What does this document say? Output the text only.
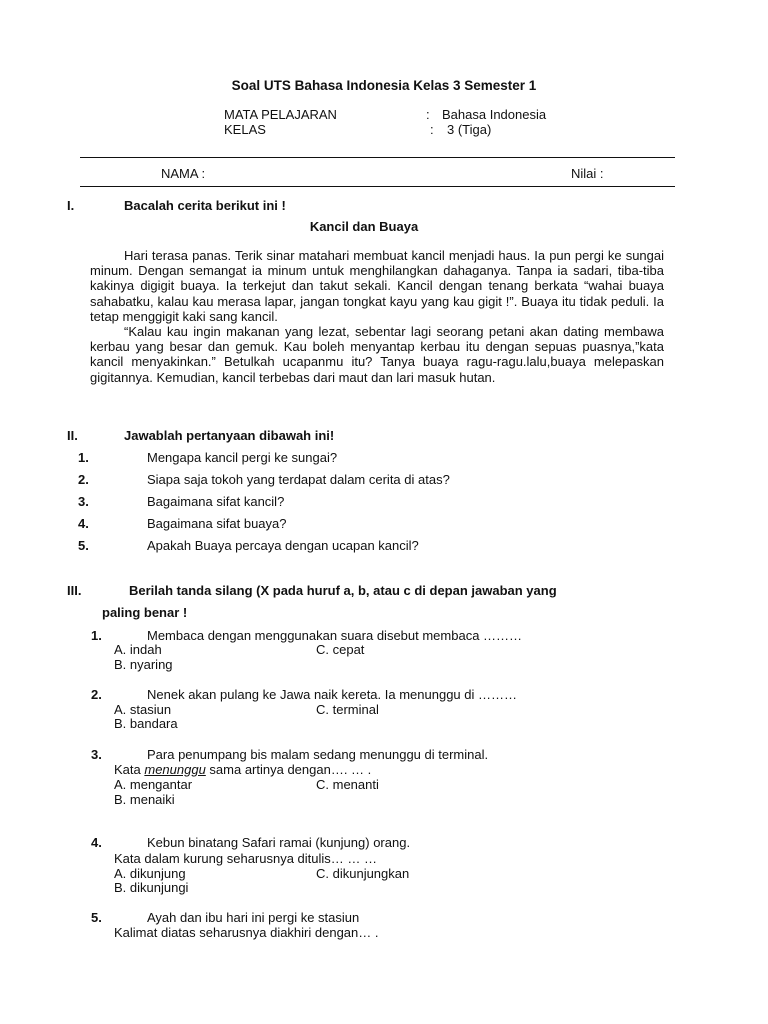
Soal UTS Bahasa Indonesia Kelas 3 Semester 1
MATA PELAJARAN	: Bahasa Indonesia
KELAS	: 3 (Tiga)
NAMA :	Nilai :
I.	Bacalah cerita berikut ini !
Kancil dan Buaya

Hari terasa panas. Terik sinar matahari membuat kancil menjadi haus. Ia pun pergi ke sungai minum. Dengan semangat ia minum untuk menghilangkan dahaganya. Tanpa ia sadari, tiba-tiba kakinya digigit buaya. Ia terkejut dan takut sekali. Kancil dengan tenang berkata “wahai buaya sahabatku, kalau kau merasa lapar, jangan tongkat kayu yang kau gigit !”. Buaya itu tidak peduli. Ia tetap menggigit kaki sang kancil.

“Kalau kau ingin makanan yang lezat, sebentar lagi seorang petani akan dating membawa kerbau yang besar dan gemuk. Kau boleh menyantap kerbau itu dengan sepuas puasnya,”kata kancil menyakinkan.” Betulkah ucapanmu itu? Tanya buaya ragu-ragu.lalu,buaya melepaskan gigitannya. Kemudian, kancil terbebas dari maut dan lari masuk hutan.

II.	Jawablah pertanyaan dibawah ini!
1.	Mengapa kancil pergi ke sungai?
2.	Siapa saja tokoh yang terdapat dalam cerita di atas?
3.	Bagaimana sifat kancil?
4.	Bagaimana sifat buaya?
5.	Apakah Buaya percaya dengan ucapan kancil?
III.	Berilah tanda silang (X pada huruf a, b, atau c di depan jawaban yang
paling benar !
1.	Membaca dengan menggunakan suara disebut membaca ………
A. indah	C. cepat
B. nyaring
2.	Nenek akan pulang ke Jawa naik kereta. Ia menunggu di ………
A. stasiun	C. terminal
B. bandara
3.	Para penumpang bis malam sedang menunggu di terminal.
Kata menunggu sama artinya dengan…. … .
A. mengantar	C. menanti
B. menaiki
4.	Kebun binatang Safari ramai (kunjung) orang.
Kata dalam kurung seharusnya ditulis… … …
A. dikunjung	C. dikunjungkan
B. dikunjungi
5.	Ayah dan ibu hari ini pergi ke stasiun
Kalimat diatas seharusnya diakhiri dengan… .
